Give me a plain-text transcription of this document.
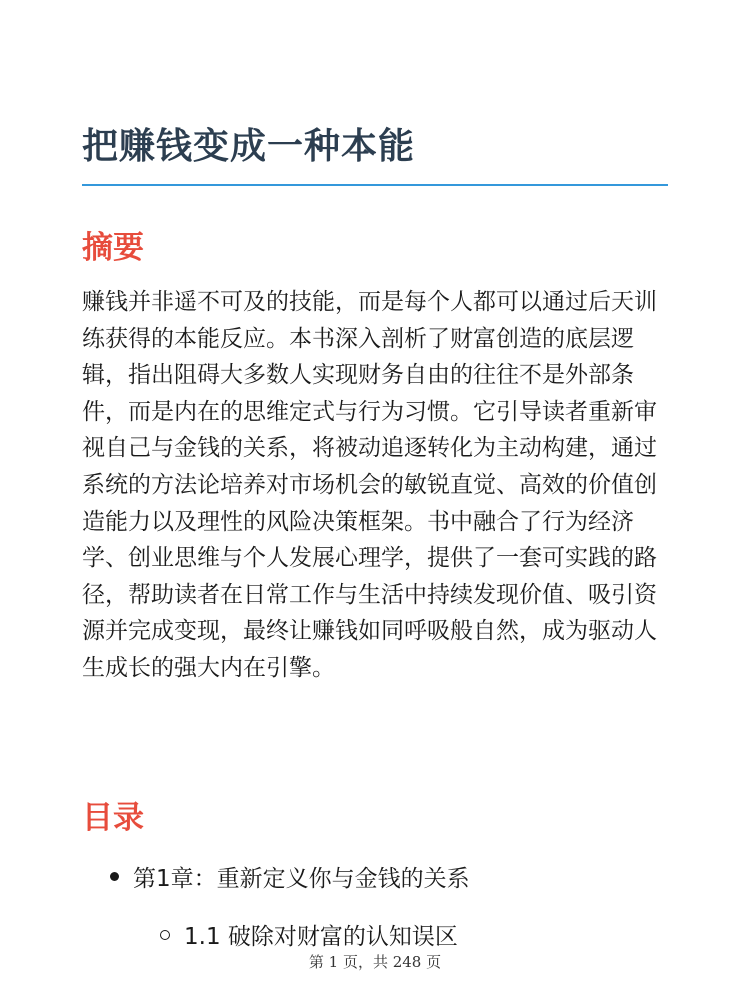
把赚钱变成一种本能
摘要

赚钱并非遥不可及的技能，而是每个人都可以通过后天训练获得的本能反应。本书深入剖析了财富创造的底层逻辑，指出阻碍大多数人实现财务自由的往往不是外部条件，而是内在的思维定式与行为习惯。它引导读者重新审视自己与金钱的关系，将被动追逐转化为主动构建，通过系统的方法论培养对市场机会的敏锐直觉、高效的价值创造能力以及理性的风险决策框架。书中融合了行为经济学、创业思维与个人发展心理学，提供了一套可实践的路径，帮助读者在日常工作与生活中持续发现价值、吸引资源并完成变现，最终让赚钱如同呼吸般自然，成为驱动人生成长的强大内在引擎。

目录
第1章：重新定义你与金钱的关系
1.1 破除对财富的认知误区
第 1 页，共 248 页
